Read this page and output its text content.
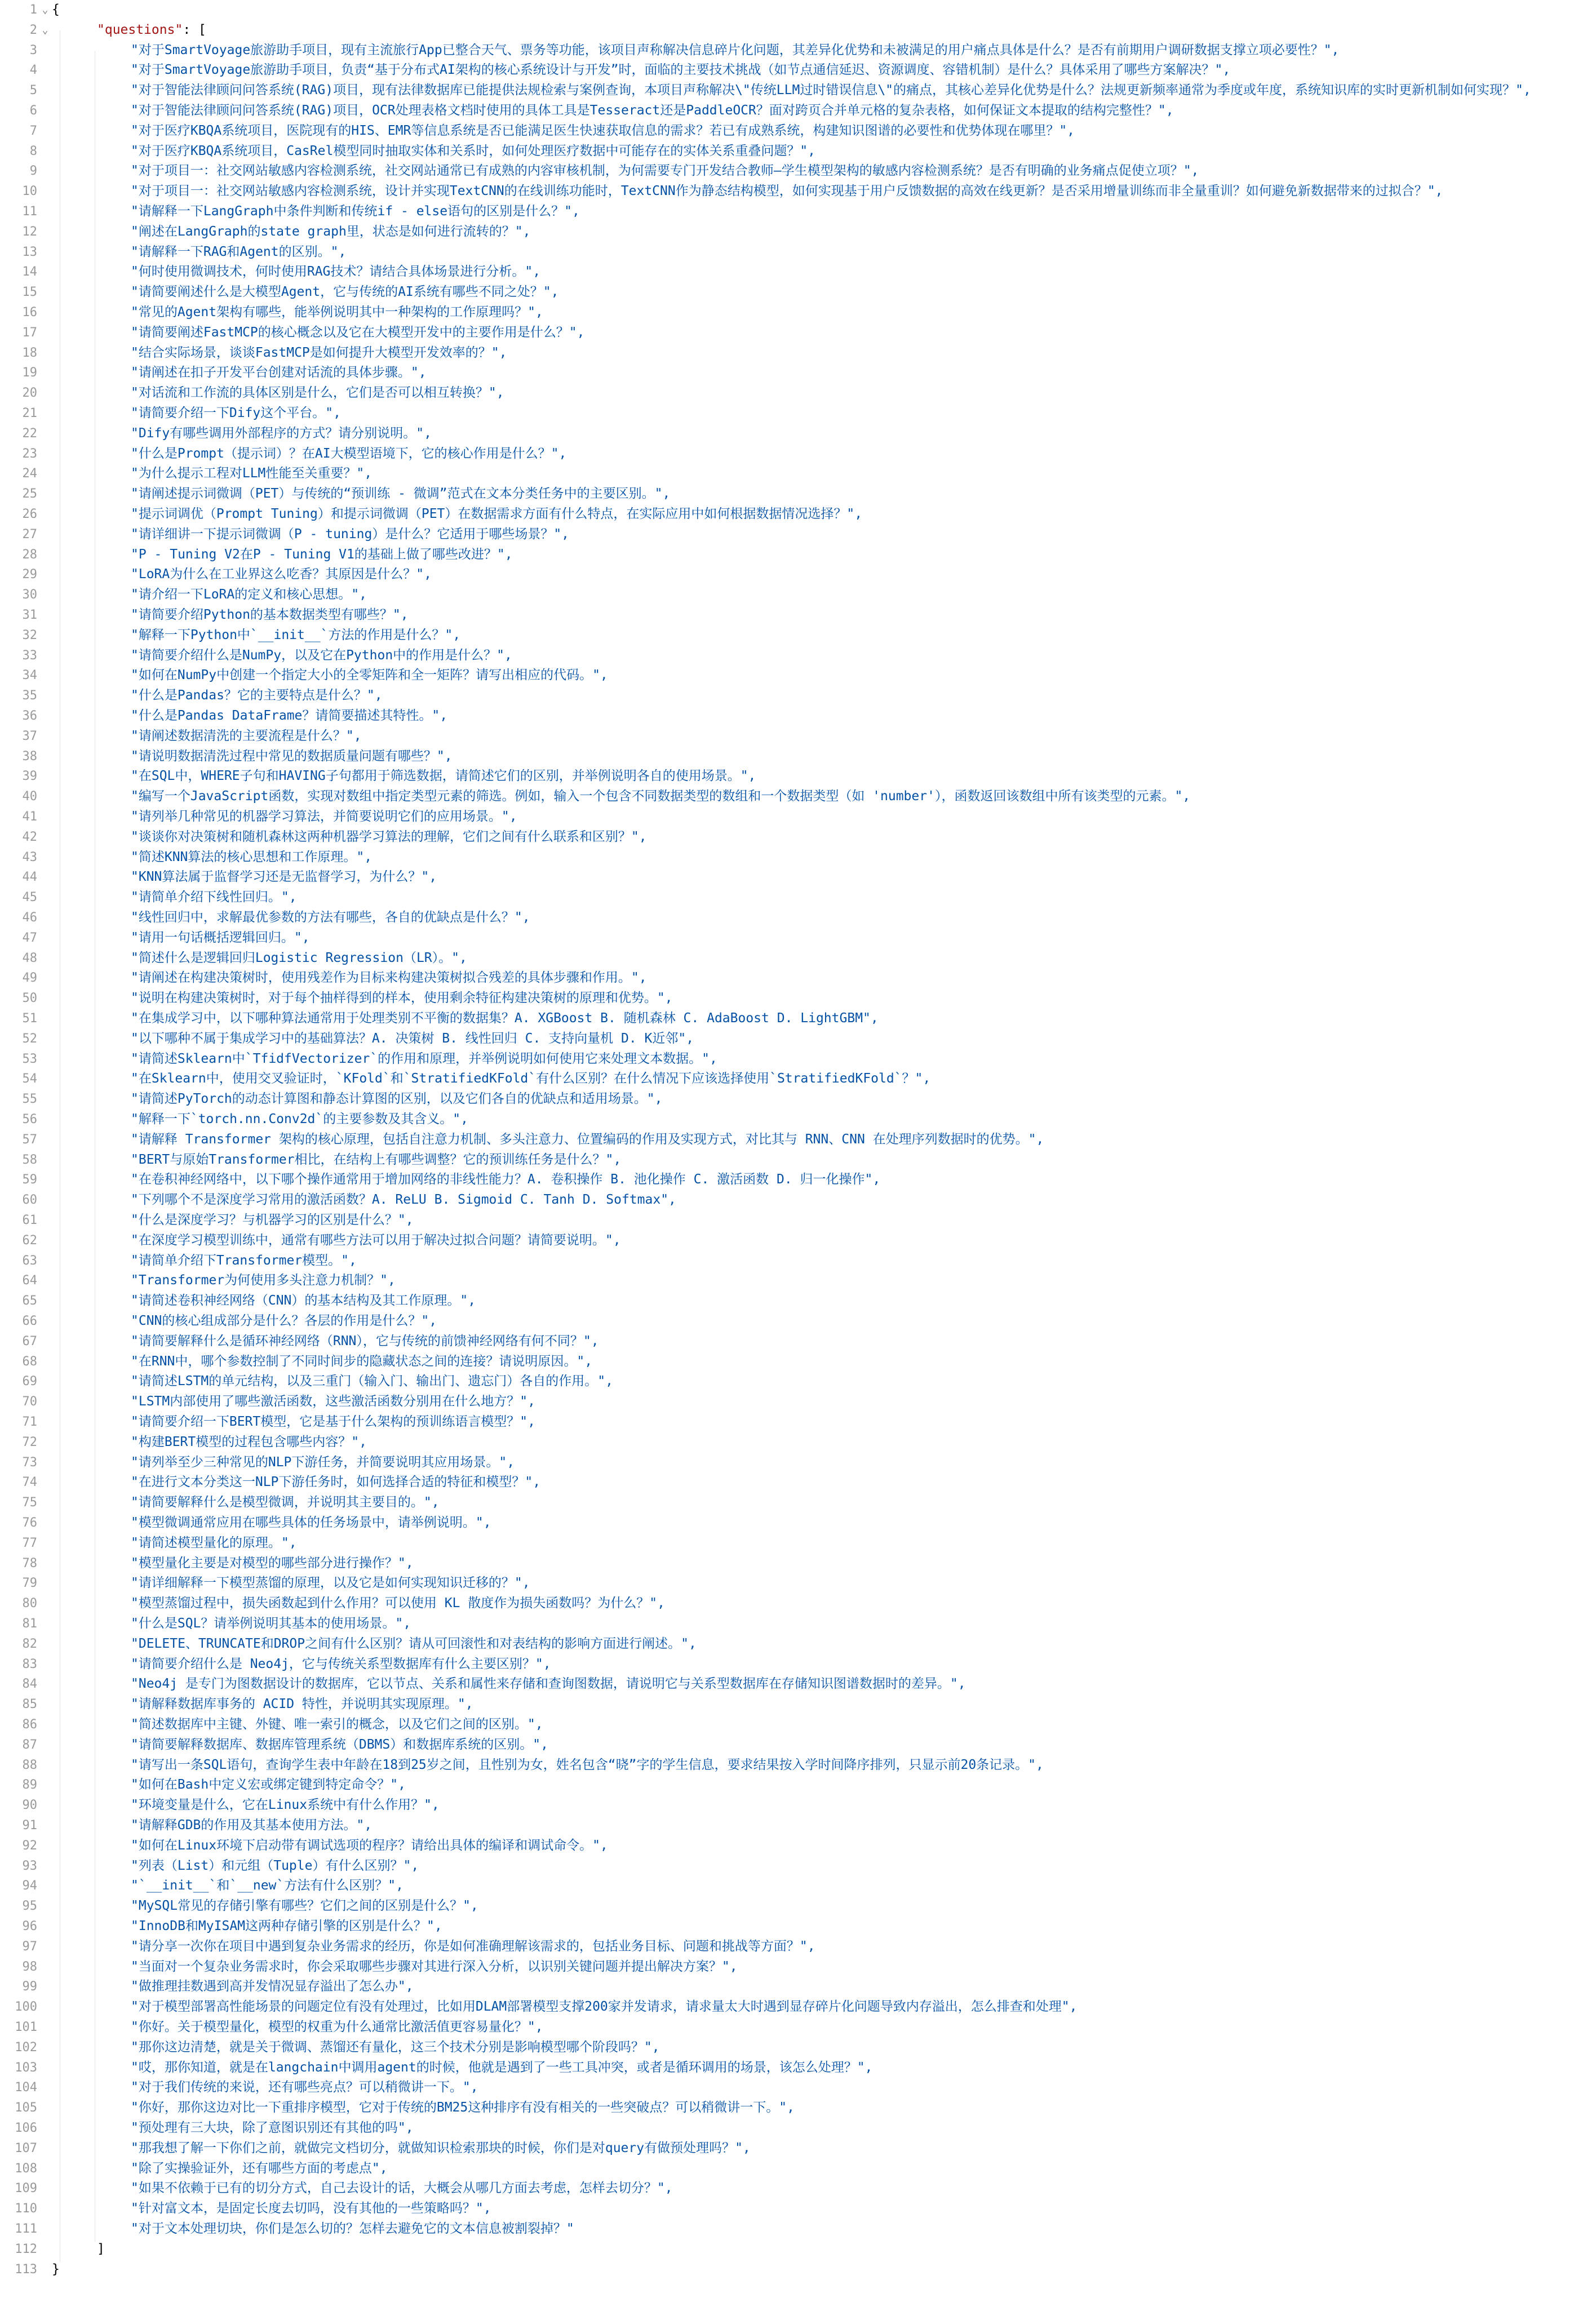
1 ⌄ {
2 ⌄	"questions": [
3	"对于SmartVoyage旅游助手项目，现有主流旅行App已整合天气、票务等功能，该项目声称解决信息碎片化问题，其差异化优势和未被满足的用户痛点具体是什么？是否有前期用户调研数据支撑立项必要性？",
4	"对于SmartVoyage旅游助手项目，负责“基于分布式AI架构的核心系统设计与开发”时，面临的主要技术挑战（如节点通信延迟、资源调度、容错机制）是什么？具体采用了哪些方案解决？",
5	"对于智能法律顾问问答系统(RAG)项目，现有法律数据库已能提供法规检索与案例查询，本项目声称解决\"传统LLM过时错误信息\"的痛点，其核心差异化优势是什么？法规更新频率通常为季度或年度，系统知识库的实时更新机制如何实现？",
6	"对于智能法律顾问问答系统(RAG)项目，OCR处理表格文档时使用的具体工具是Tesseract还是PaddleOCR？面对跨页合并单元格的复杂表格，如何保证文本提取的结构完整性？",
7	"对于医疗KBQA系统项目，医院现有的HIS、EMR等信息系统是否已能满足医生快速获取信息的需求？若已有成熟系统，构建知识图谱的必要性和优势体现在哪里？",
8	"对于医疗KBQA系统项目，CasRel模型同时抽取实体和关系时，如何处理医疗数据中可能存在的实体关系重叠问题？",
9	"对于项目一：社交网站敏感内容检测系统，社交网站通常已有成熟的内容审核机制，为何需要专门开发结合教师—学生模型架构的敏感内容检测系统？是否有明确的业务痛点促使立项？",
10	"对于项目一：社交网站敏感内容检测系统，设计并实现TextCNN的在线训练功能时，TextCNN作为静态结构模型，如何实现基于用户反馈数据的高效在线更新？是否采用增量训练而非全量重训？如何避免新数据带来的过拟合？",
11	"请解释一下LangGraph中条件判断和传统if - else语句的区别是什么？",
12	"阐述在LangGraph的state graph里，状态是如何进行流转的？",
13	"请解释一下RAG和Agent的区别。",
14	"何时使用微调技术，何时使用RAG技术？请结合具体场景进行分析。",
15	"请简要阐述什么是大模型Agent，它与传统的AI系统有哪些不同之处？",
16	"常见的Agent架构有哪些，能举例说明其中一种架构的工作原理吗？",
17	"请简要阐述FastMCP的核心概念以及它在大模型开发中的主要作用是什么？",
18	"结合实际场景，谈谈FastMCP是如何提升大模型开发效率的？",
19	"请阐述在扣子开发平台创建对话流的具体步骤。",
20	"对话流和工作流的具体区别是什么，它们是否可以相互转换？",
21	"请简要介绍一下Dify这个平台。",
22	"Dify有哪些调用外部程序的方式？请分别说明。",
23	"什么是Prompt（提示词）？在AI大模型语境下，它的核心作用是什么？",
24	"为什么提示工程对LLM性能至关重要？",
25	"请阐述提示词微调（PET）与传统的“预训练 - 微调”范式在文本分类任务中的主要区别。",
26	"提示词调优（Prompt Tuning）和提示词微调（PET）在数据需求方面有什么特点，在实际应用中如何根据数据情况选择？",
27	"请详细讲一下提示词微调（P - tuning）是什么？它适用于哪些场景？",
28	"P - Tuning V2在P - Tuning V1的基础上做了哪些改进？",
29	"LoRA为什么在工业界这么吃香？其原因是什么？",
30	"请介绍一下LoRA的定义和核心思想。",
31	"请简要介绍Python的基本数据类型有哪些？",
32	"解释一下Python中`__init__`方法的作用是什么？",
33	"请简要介绍什么是NumPy，以及它在Python中的作用是什么？",
34	"如何在NumPy中创建一个指定大小的全零矩阵和全一矩阵？请写出相应的代码。",
35	"什么是Pandas？它的主要特点是什么？",
36	"什么是Pandas DataFrame？请简要描述其特性。",
37	"请阐述数据清洗的主要流程是什么？",
38	"请说明数据清洗过程中常见的数据质量问题有哪些？",
39	"在SQL中，WHERE子句和HAVING子句都用于筛选数据，请简述它们的区别，并举例说明各自的使用场景。",
40	"编写一个JavaScript函数，实现对数组中指定类型元素的筛选。例如，输入一个包含不同数据类型的数组和一个数据类型（如 'number'），函数返回该数组中所有该类型的元素。",
41	"请列举几种常见的机器学习算法，并简要说明它们的应用场景。",
42	"谈谈你对决策树和随机森林这两种机器学习算法的理解，它们之间有什么联系和区别？",
43	"简述KNN算法的核心思想和工作原理。",
44	"KNN算法属于监督学习还是无监督学习，为什么？",
45	"请简单介绍下线性回归。",
46	"线性回归中，求解最优参数的方法有哪些，各自的优缺点是什么？",
47	"请用一句话概括逻辑回归。",
48	"简述什么是逻辑回归Logistic Regression（LR）。",
49	"请阐述在构建决策树时，使用残差作为目标来构建决策树拟合残差的具体步骤和作用。",
50	"说明在构建决策树时，对于每个抽样得到的样本，使用剩余特征构建决策树的原理和优势。",
51	"在集成学习中，以下哪种算法通常用于处理类别不平衡的数据集？A. XGBoost B. 随机森林 C. AdaBoost D. LightGBM",
52	"以下哪种不属于集成学习中的基础算法？A. 决策树 B. 线性回归 C. 支持向量机 D. K近邻",
53	"请简述Sklearn中`TfidfVectorizer`的作用和原理，并举例说明如何使用它来处理文本数据。",
54	"在Sklearn中，使用交叉验证时，`KFold`和`StratifiedKFold`有什么区别？在什么情况下应该选择使用`StratifiedKFold`？",
55	"请简述PyTorch的动态计算图和静态计算图的区别，以及它们各自的优缺点和适用场景。",
56	"解释一下`torch.nn.Conv2d`的主要参数及其含义。",
57	"请解释 Transformer 架构的核心原理，包括自注意力机制、多头注意力、位置编码的作用及实现方式，对比其与 RNN、CNN 在处理序列数据时的优势。",
58	"BERT与原始Transformer相比，在结构上有哪些调整？它的预训练任务是什么？",
59	"在卷积神经网络中，以下哪个操作通常用于增加网络的非线性能力？A. 卷积操作 B. 池化操作 C. 激活函数 D. 归一化操作",
60	"下列哪个不是深度学习常用的激活函数？A. ReLU B. Sigmoid C. Tanh D. Softmax",
61	"什么是深度学习？与机器学习的区别是什么？",
62	"在深度学习模型训练中，通常有哪些方法可以用于解决过拟合问题？请简要说明。",
63	"请简单介绍下Transformer模型。",
64	"Transformer为何使用多头注意力机制？",
65	"请简述卷积神经网络（CNN）的基本结构及其工作原理。",
66	"CNN的核心组成部分是什么？各层的作用是什么？",
67	"请简要解释什么是循环神经网络（RNN），它与传统的前馈神经网络有何不同？",
68	"在RNN中，哪个参数控制了不同时间步的隐藏状态之间的连接？请说明原因。",
69	"请简述LSTM的单元结构，以及三重门（输入门、输出门、遗忘门）各自的作用。",
70	"LSTM内部使用了哪些激活函数，这些激活函数分别用在什么地方？",
71	"请简要介绍一下BERT模型，它是基于什么架构的预训练语言模型？",
72	"构建BERT模型的过程包含哪些内容？",
73	"请列举至少三种常见的NLP下游任务，并简要说明其应用场景。",
74	"在进行文本分类这一NLP下游任务时，如何选择合适的特征和模型？",
75	"请简要解释什么是模型微调，并说明其主要目的。",
76	"模型微调通常应用在哪些具体的任务场景中，请举例说明。",
77	"请简述模型量化的原理。",
78	"模型量化主要是对模型的哪些部分进行操作？",
79	"请详细解释一下模型蒸馏的原理，以及它是如何实现知识迁移的？",
80	"模型蒸馏过程中，损失函数起到什么作用？可以使用 KL 散度作为损失函数吗？为什么？",
81	"什么是SQL？请举例说明其基本的使用场景。",
82	"DELETE、TRUNCATE和DROP之间有什么区别？请从可回滚性和对表结构的影响方面进行阐述。",
83	"请简要介绍什么是 Neo4j，它与传统关系型数据库有什么主要区别？",
84	"Neo4j 是专门为图数据设计的数据库，它以节点、关系和属性来存储和查询图数据，请说明它与关系型数据库在存储知识图谱数据时的差异。",
85	"请解释数据库事务的 ACID 特性，并说明其实现原理。",
86	"简述数据库中主键、外键、唯一索引的概念，以及它们之间的区别。",
87	"请简要解释数据库、数据库管理系统（DBMS）和数据库系统的区别。",
88	"请写出一条SQL语句，查询学生表中年龄在18到25岁之间，且性别为女，姓名包含“晓”字的学生信息，要求结果按入学时间降序排列，只显示前20条记录。",
89	"如何在Bash中定义宏或绑定键到特定命令？",
90	"环境变量是什么，它在Linux系统中有什么作用？",
91	"请解释GDB的作用及其基本使用方法。",
92	"如何在Linux环境下启动带有调试选项的程序？请给出具体的编译和调试命令。",
93	"列表（List）和元组（Tuple）有什么区别？",
94	"`__init__`和`__new`方法有什么区别？",
95	"MySQL常见的存储引擎有哪些？它们之间的区别是什么？",
96	"InnoDB和MyISAM这两种存储引擎的区别是什么？",
97	"请分享一次你在项目中遇到复杂业务需求的经历，你是如何准确理解该需求的，包括业务目标、问题和挑战等方面？",
98	"当面对一个复杂业务需求时，你会采取哪些步骤对其进行深入分析，以识别关键问题并提出解决方案？",
99	"做推理挂数遇到高并发情况显存溢出了怎么办",
100	"对于模型部署高性能场景的问题定位有没有处理过，比如用DLAM部署模型支撑200家并发请求，请求量太大时遇到显存碎片化问题导致内存溢出，怎么排查和处理",
101	"你好。关于模型量化，模型的权重为什么通常比激活值更容易量化？",
102	"那你这边清楚，就是关于微调、蒸馏还有量化，这三个技术分别是影响模型哪个阶段吗？",
103	"哎，那你知道，就是在langchain中调用agent的时候，他就是遇到了一些工具冲突，或者是循环调用的场景，该怎么处理？",
104	"对于我们传统的来说，还有哪些亮点？可以稍微讲一下。",
105	"你好，那你这边对比一下重排序模型，它对于传统的BM25这种排序有没有相关的一些突破点？可以稍微讲一下。",
106	"预处理有三大块，除了意图识别还有其他的吗",
107	"那我想了解一下你们之前，就做完文档切分，就做知识检索那块的时候，你们是对query有做预处理吗？",
108	"除了实操验证外，还有哪些方面的考虑点",
109	"如果不依赖于已有的切分方式，自己去设计的话，大概会从哪几方面去考虑，怎样去切分？",
110	"针对富文本，是固定长度去切吗，没有其他的一些策略吗？",
111	"对于文本处理切块，你们是怎么切的？怎样去避免它的文本信息被割裂掉？"
112	]
113 }
